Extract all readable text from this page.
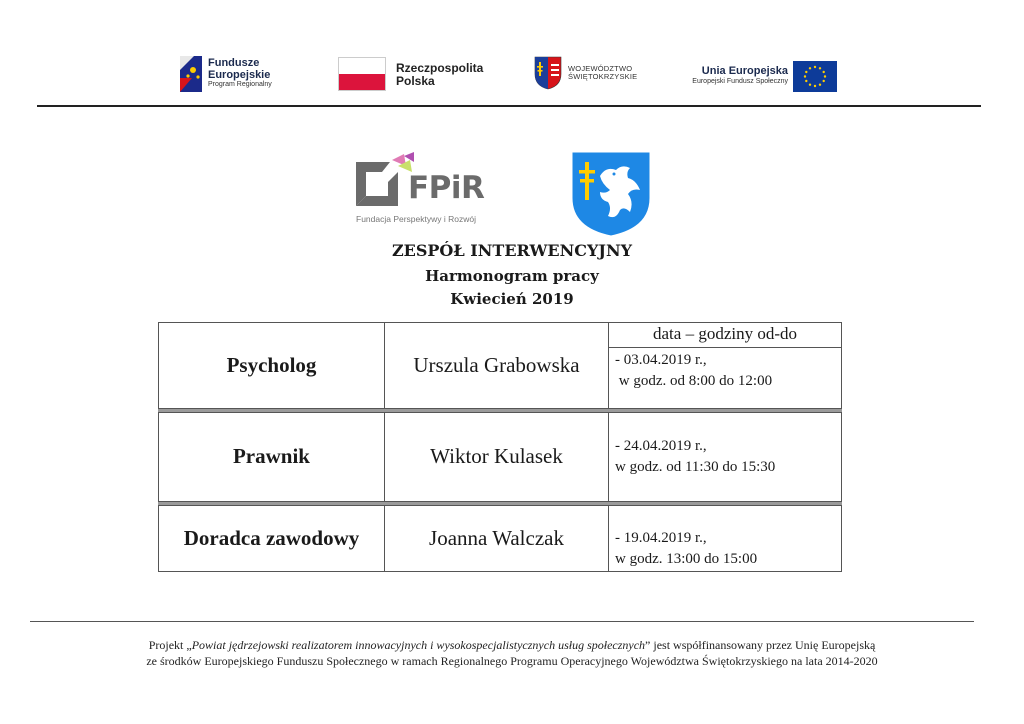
Fundusze
Europejskie
Program Regionalny
Rzeczpospolita
Polska
WOJEWÓDZTWO
ŚWIĘTOKRZYSKIE	Unia Europejska
Europejski Fundusz Społeczny
FPiR
Fundacja Perspektywy i Rozwój
ZESPÓŁ INTERWENCYJNY
Harmonogram pracy
Kwiecień 2019
data – godziny od-do
Psycholog	Urszula Grabowska	- 03.04.2019 r.,
w godz. od 8:00 do 12:00
Prawnik	Wiktor Kulasek	- 24.04.2019 r.,
w godz. od 11:30 do 15:30
Doradca zawodowy	Joanna Walczak	- 19.04.2019 r.,
w godz. 13:00 do 15:00
Projekt „Powiat jędrzejowski realizatorem innowacyjnych i wysokospecjalistycznych usług społecznych” jest współfinansowany przez Unię Europejską
ze środków Europejskiego Funduszu Społecznego w ramach Regionalnego Programu Operacyjnego Województwa Świętokrzyskiego na lata 2014-2020
